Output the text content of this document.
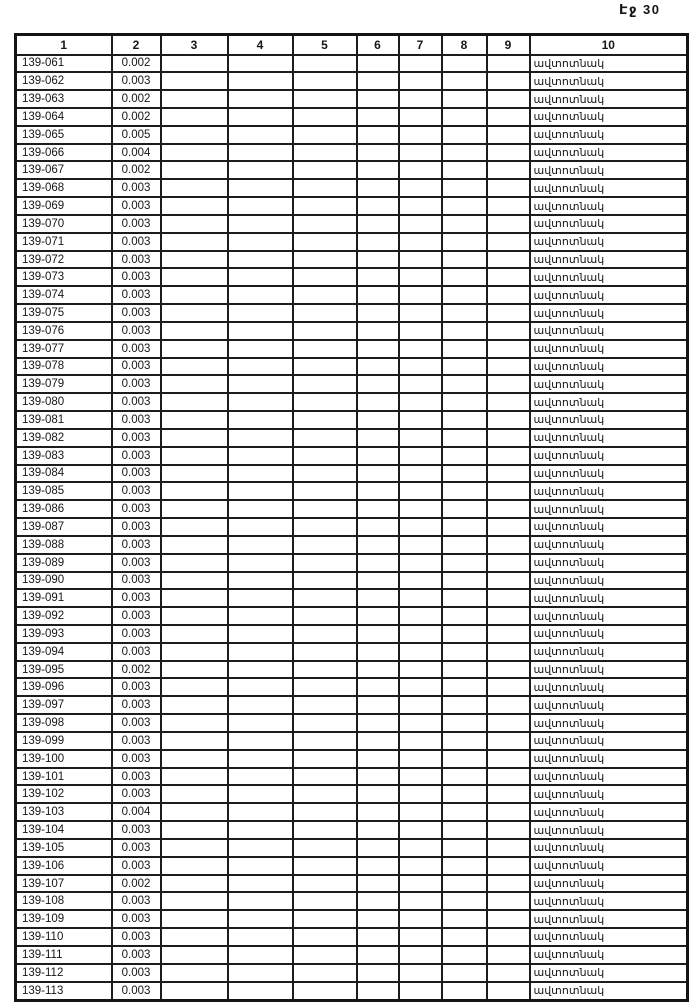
Էջ 30
1	2	3	4	5	6	7	8	9	10
139-061	0.002								ավտոտնակ
139-062	0.003								ավտոտնակ
139-063	0.002								ավտոտնակ
139-064	0.002								ավտոտնակ
139-065	0.005								ավտոտնակ
139-066	0.004								ավտոտնակ
139-067	0.002								ավտոտնակ
139-068	0.003								ավտոտնակ
139-069	0.003								ավտոտնակ
139-070	0.003								ավտոտնակ
139-071	0.003								ավտոտնակ
139-072	0.003								ավտոտնակ
139-073	0.003								ավտոտնակ
139-074	0.003								ավտոտնակ
139-075	0.003								ավտոտնակ
139-076	0.003								ավտոտնակ
139-077	0.003								ավտոտնակ
139-078	0.003								ավտոտնակ
139-079	0.003								ավտոտնակ
139-080	0.003								ավտոտնակ
139-081	0.003								ավտոտնակ
139-082	0.003								ավտոտնակ
139-083	0.003								ավտոտնակ
139-084	0.003								ավտոտնակ
139-085	0.003								ավտոտնակ
139-086	0.003								ավտոտնակ
139-087	0.003								ավտոտնակ
139-088	0.003								ավտոտնակ
139-089	0.003								ավտոտնակ
139-090	0.003								ավտոտնակ
139-091	0.003								ավտոտնակ
139-092	0.003								ավտոտնակ
139-093	0.003								ավտոտնակ
139-094	0.003								ավտոտնակ
139-095	0.002								ավտոտնակ
139-096	0.003								ավտոտնակ
139-097	0.003								ավտոտնակ
139-098	0.003								ավտոտնակ
139-099	0.003								ավտոտնակ
139-100	0.003								ավտոտնակ
139-101	0.003								ավտոտնակ
139-102	0.003								ավտոտնակ
139-103	0.004								ավտոտնակ
139-104	0.003								ավտոտնակ
139-105	0.003								ավտոտնակ
139-106	0.003								ավտոտնակ
139-107	0.002								ավտոտնակ
139-108	0.003								ավտոտնակ
139-109	0.003								ավտոտնակ
139-110	0.003								ավտոտնակ
139-111	0.003								ավտոտնակ
139-112	0.003								ավտոտնակ
139-113	0.003								ավտոտնակ
